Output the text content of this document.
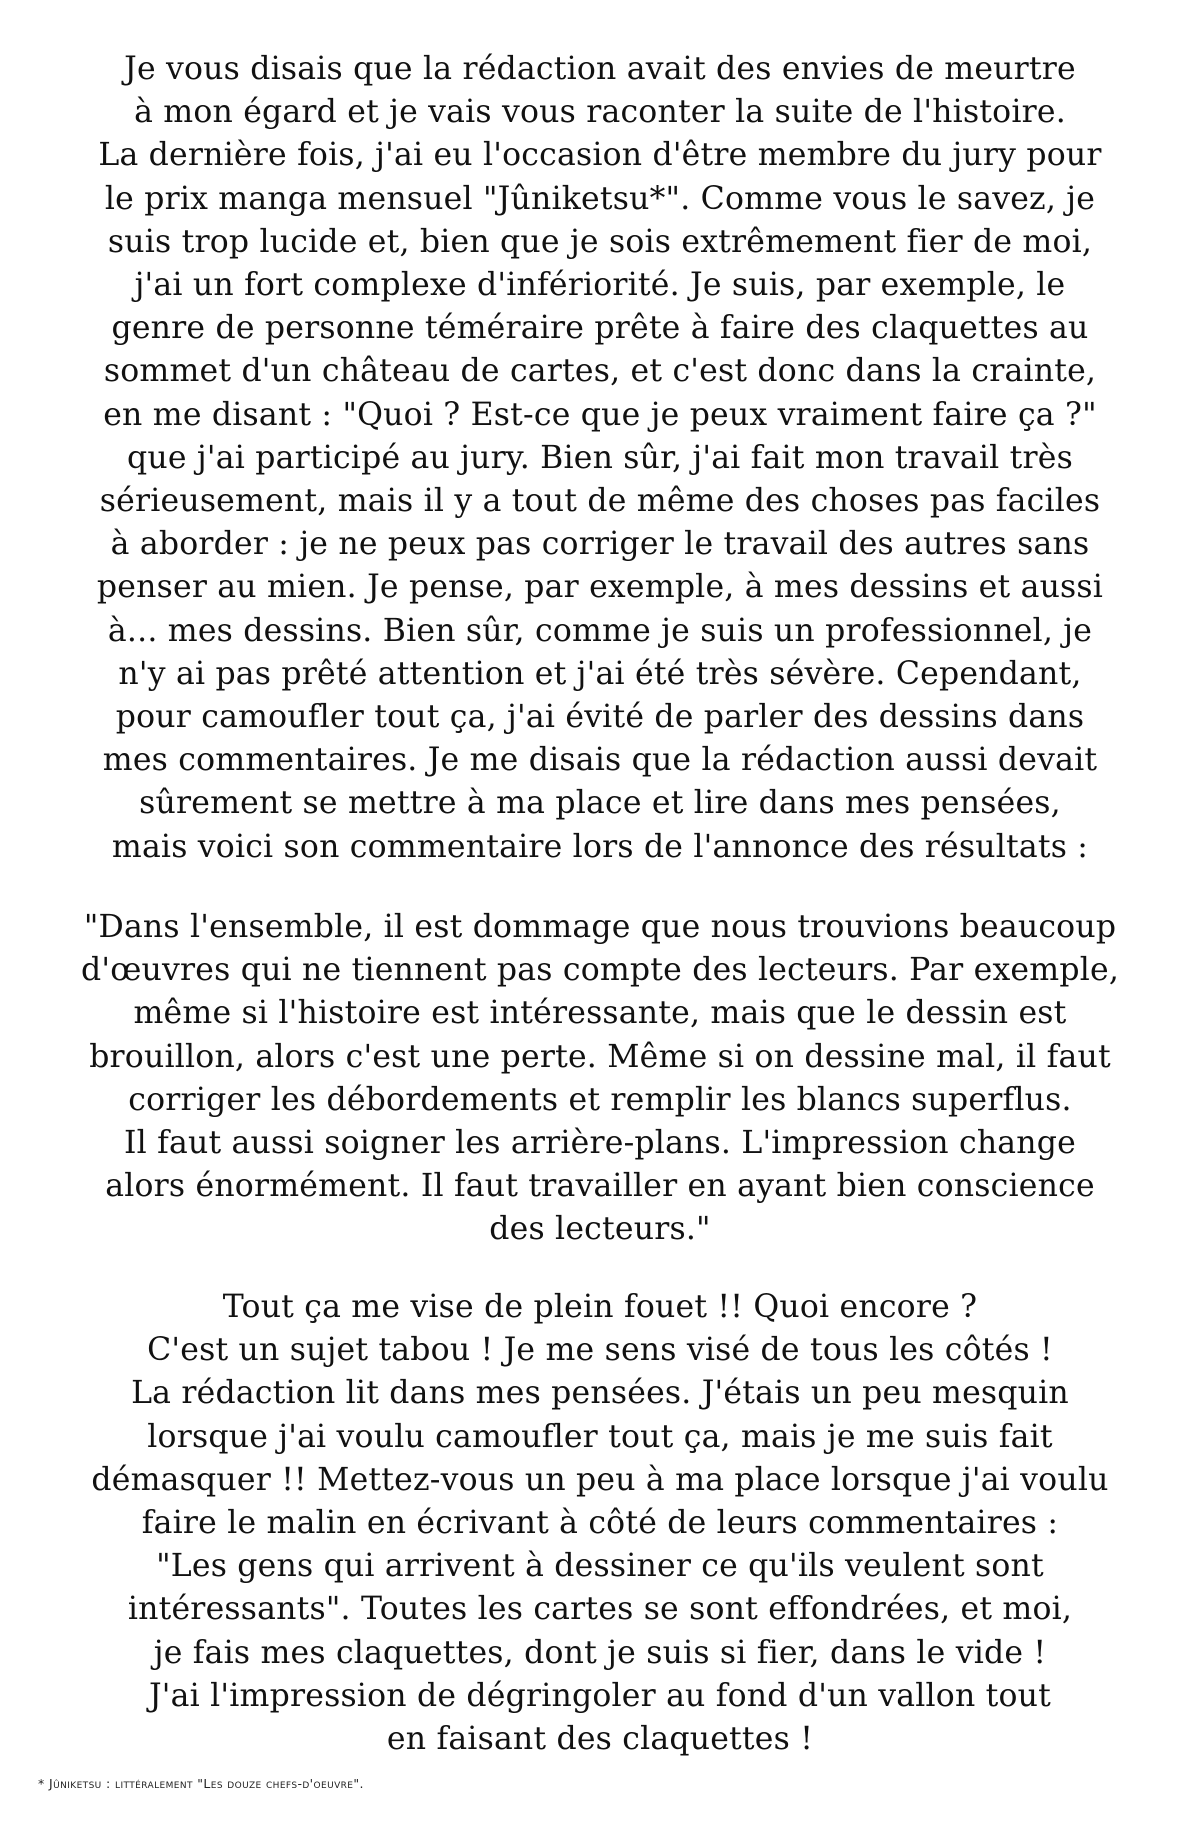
Je vous disais que la rédaction avait des envies de meurtre
à mon égard et je vais vous raconter la suite de l'histoire.
La dernière fois, j'ai eu l'occasion d'être membre du jury pour
le prix manga mensuel "Jûniketsu*". Comme vous le savez, je
suis trop lucide et, bien que je sois extrêmement fier de moi,
j'ai un fort complexe d'infériorité. Je suis, par exemple, le
genre de personne téméraire prête à faire des claquettes au
sommet d'un château de cartes, et c'est donc dans la crainte,
en me disant : "Quoi ? Est-ce que je peux vraiment faire ça ?"
que j'ai participé au jury. Bien sûr, j'ai fait mon travail très
sérieusement, mais il y a tout de même des choses pas faciles
à aborder : je ne peux pas corriger le travail des autres sans
penser au mien. Je pense, par exemple, à mes dessins et aussi
à... mes dessins. Bien sûr, comme je suis un professionnel, je
n'y ai pas prêté attention et j'ai été très sévère. Cependant,
pour camoufler tout ça, j'ai évité de parler des dessins dans
mes commentaires. Je me disais que la rédaction aussi devait
sûrement se mettre à ma place et lire dans mes pensées,
mais voici son commentaire lors de l'annonce des résultats :
"Dans l'ensemble, il est dommage que nous trouvions beaucoup
d'œuvres qui ne tiennent pas compte des lecteurs. Par exemple,
même si l'histoire est intéressante, mais que le dessin est
brouillon, alors c'est une perte. Même si on dessine mal, il faut
corriger les débordements et remplir les blancs superflus.
Il faut aussi soigner les arrière-plans. L'impression change
alors énormément. Il faut travailler en ayant bien conscience
des lecteurs."
Tout ça me vise de plein fouet !! Quoi encore ?
C'est un sujet tabou ! Je me sens visé de tous les côtés !
La rédaction lit dans mes pensées. J'étais un peu mesquin
lorsque j'ai voulu camoufler tout ça, mais je me suis fait
démasquer !! Mettez-vous un peu à ma place lorsque j'ai voulu
faire le malin en écrivant à côté de leurs commentaires :
"Les gens qui arrivent à dessiner ce qu'ils veulent sont
intéressants". Toutes les cartes se sont effondrées, et moi,
je fais mes claquettes, dont je suis si fier, dans le vide !
J'ai l'impression de dégringoler au fond d'un vallon tout
en faisant des claquettes !
* Jûniketsu : littéralement "Les douze chefs-d'oeuvre".
